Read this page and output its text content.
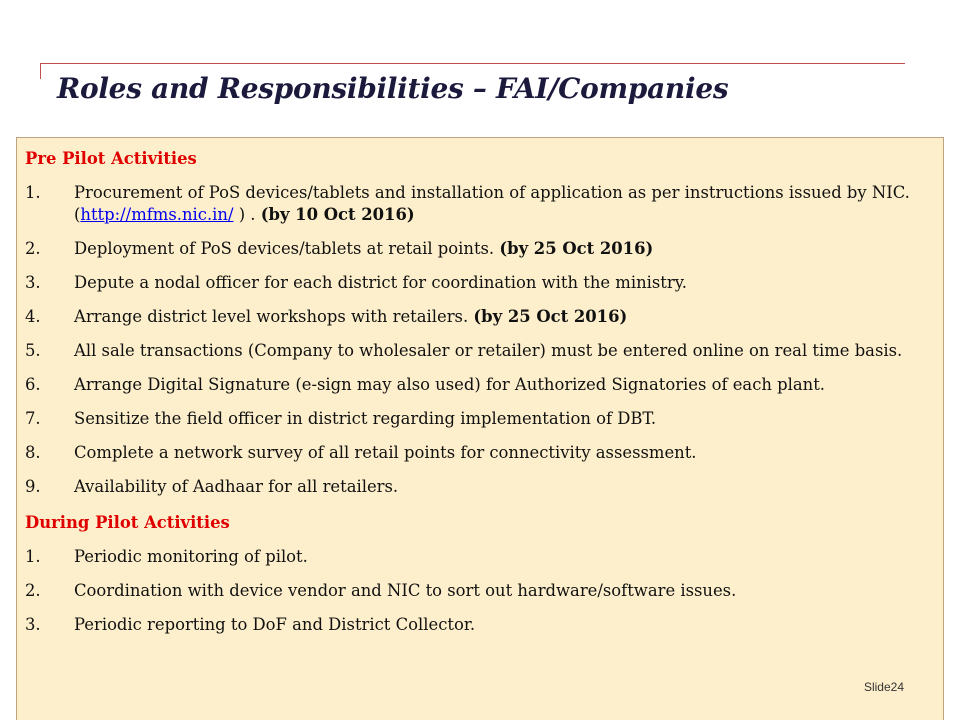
Roles and Responsibilities – FAI/Companies
Pre Pilot Activities
1.	Procurement of PoS devices/tablets and installation of application as per instructions issued by NIC. (http://mfms.nic.in/ ) . (by 10 Oct 2016)
2.	Deployment of PoS devices/tablets at retail points. (by 25 Oct 2016)
3.	Depute a nodal officer for each district for coordination with the ministry.
4.	Arrange district level workshops with retailers. (by 25 Oct 2016)
5.	All sale transactions (Company to wholesaler or retailer) must be entered online on real time basis.
6.	Arrange Digital Signature (e-sign may also used) for Authorized Signatories of each plant.
7.	Sensitize the field officer in district regarding implementation of DBT.
8.	Complete a network survey of all retail points for connectivity assessment.
9.	Availability of Aadhaar for all retailers.
During Pilot Activities
1.	Periodic monitoring of pilot.
2.	Coordination with device vendor and NIC to sort out hardware/software issues.
3.	Periodic reporting to DoF and District Collector.
Slide24
